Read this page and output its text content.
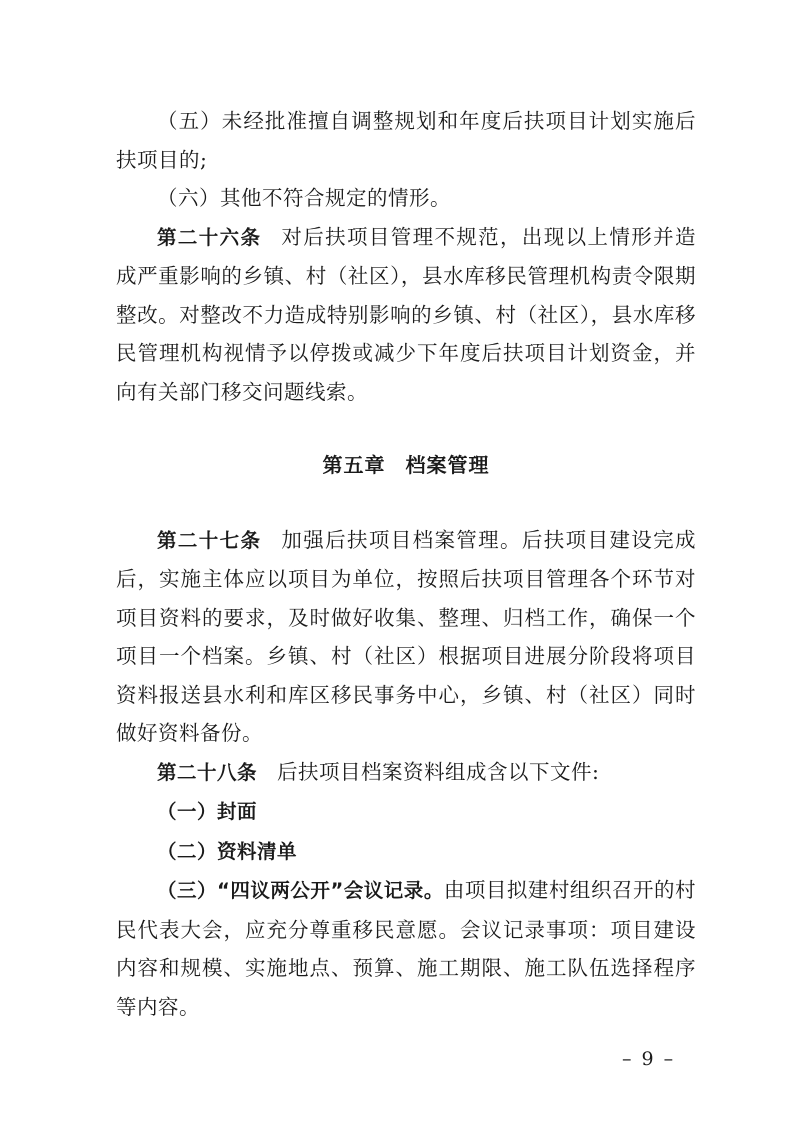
（五）未经批准擅自调整规划和年度后扶项目计划实施后扶项目的;

（六）其他不符合规定的情形。

第二十六条 对后扶项目管理不规范，出现以上情形并造成严重影响的乡镇、村（社区），县水库移民管理机构责令限期整改。对整改不力造成特别影响的乡镇、村（社区），县水库移民管理机构视情予以停拨或减少下年度后扶项目计划资金，并向有关部门移交问题线索。

第五章 档案管理

第二十七条 加强后扶项目档案管理。后扶项目建设完成后，实施主体应以项目为单位，按照后扶项目管理各个环节对项目资料的要求，及时做好收集、整理、归档工作，确保一个项目一个档案。乡镇、村（社区）根据项目进展分阶段将项目资料报送县水利和库区移民事务中心，乡镇、村（社区）同时做好资料备份。

第二十八条 后扶项目档案资料组成含以下文件:

（一）封面

（二）资料清单

（三）“四议两公开”会议记录。由项目拟建村组织召开的村民代表大会，应充分尊重移民意愿。会议记录事项：项目建设内容和规模、实施地点、预算、施工期限、施工队伍选择程序等内容。

– 9 –
